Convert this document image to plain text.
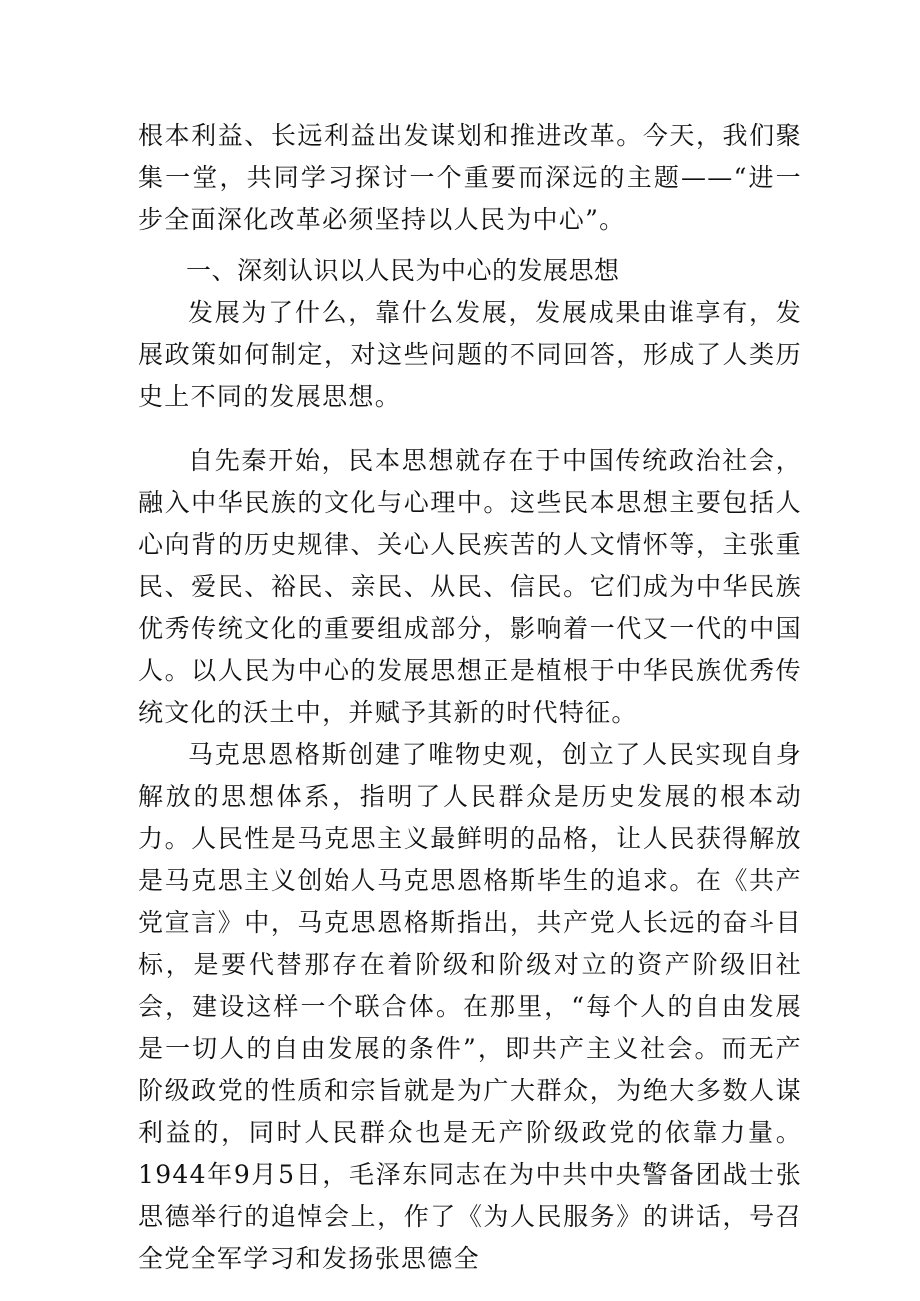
根本利益、长远利益出发谋划和推进改革。今天，我们聚集一堂，共同学习探讨一个重要而深远的主题——“进一步全面深化改革必须坚持以人民为中心”。

一、深刻认识以人民为中心的发展思想

发展为了什么，靠什么发展，发展成果由谁享有，发展政策如何制定，对这些问题的不同回答，形成了人类历史上不同的发展思想。

自先秦开始，民本思想就存在于中国传统政治社会，融入中华民族的文化与心理中。这些民本思想主要包括人心向背的历史规律、关心人民疾苦的人文情怀等，主张重民、爱民、裕民、亲民、从民、信民。它们成为中华民族优秀传统文化的重要组成部分，影响着一代又一代的中国人。以人民为中心的发展思想正是植根于中华民族优秀传统文化的沃土中，并赋予其新的时代特征。

马克思恩格斯创建了唯物史观，创立了人民实现自身解放的思想体系，指明了人民群众是历史发展的根本动力。人民性是马克思主义最鲜明的品格，让人民获得解放是马克思主义创始人马克思恩格斯毕生的追求。在《共产党宣言》中，马克思恩格斯指出，共产党人长远的奋斗目标，是要代替那存在着阶级和阶级对立的资产阶级旧社会，建设这样一个联合体。在那里，“每个人的自由发展是一切人的自由发展的条件”，即共产主义社会。而无产阶级政党的性质和宗旨就是为广大群众，为绝大多数人谋利益的，同时人民群众也是无产阶级政党的依靠力量。1944年9月5日，毛泽东同志在为中共中央警备团战士张思德举行的追悼会上，作了《为人民服务》的讲话，号召全党全军学习和发扬张思德全
